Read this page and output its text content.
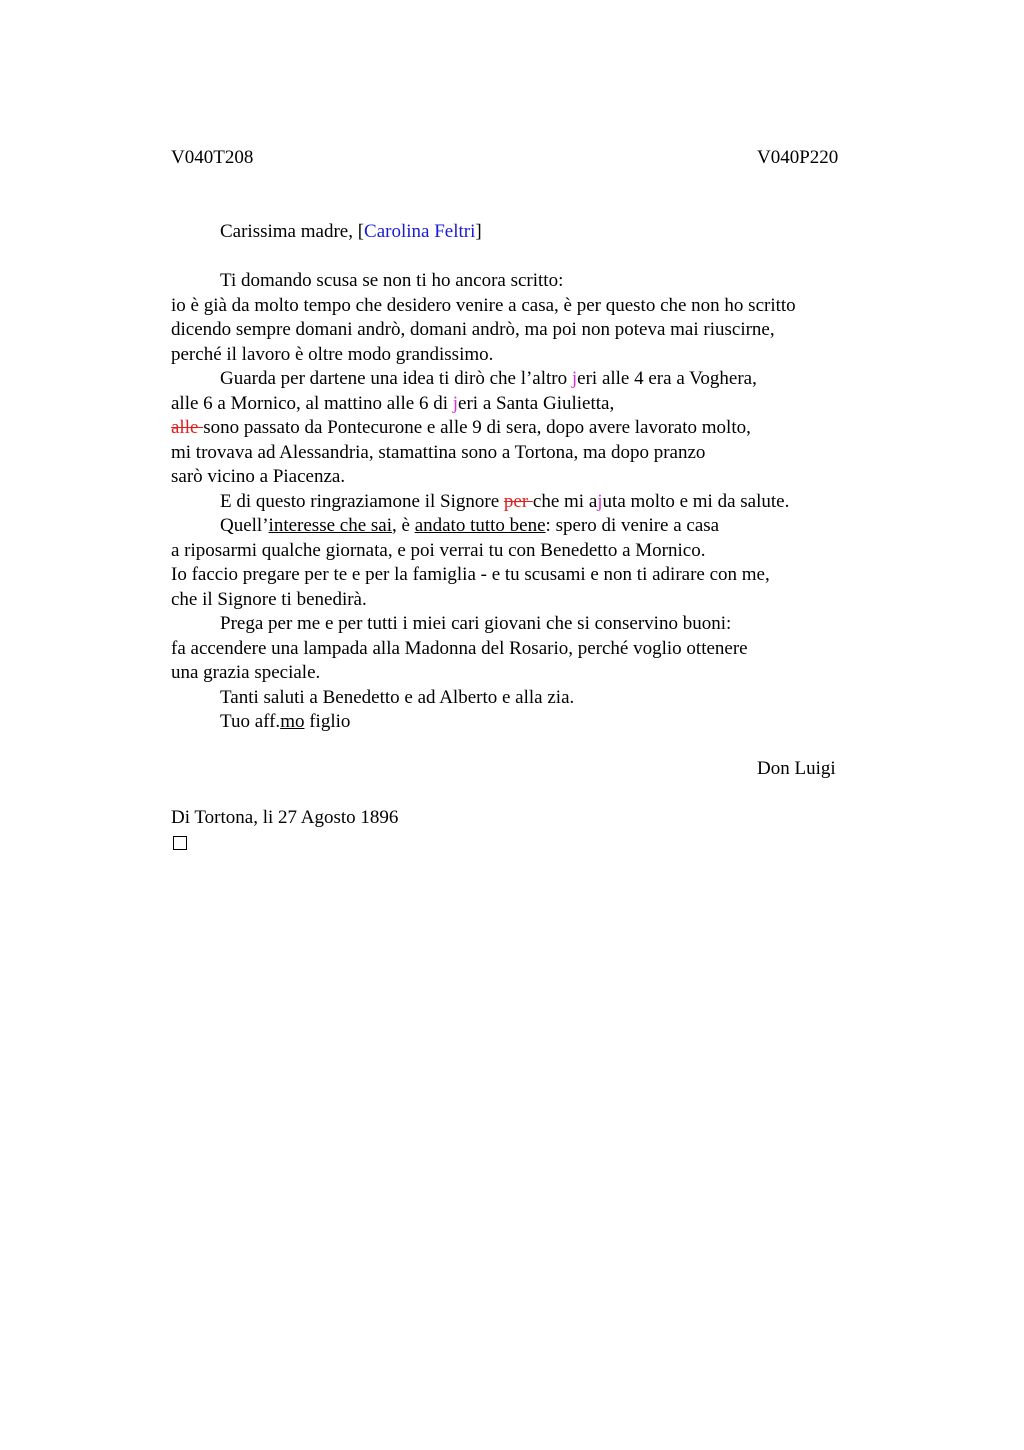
V040T208	V040P220
Carissima madre, [Carolina Feltri]
Ti domando scusa se non ti ho ancora scritto:
io è già da molto tempo che desidero venire a casa, è per questo che non ho scritto
dicendo sempre domani andrò, domani andrò, ma poi non poteva mai riuscirne,
perché il lavoro è oltre modo grandissimo.
Guarda per dartene una idea ti dirò che l’altro jeri alle 4 era a Voghera,
alle 6 a Mornico, al mattino alle 6 di jeri a Santa Giulietta,
alle sono passato da Pontecurone e alle 9 di sera, dopo avere lavorato molto,
mi trovava ad Alessandria, stamattina sono a Tortona, ma dopo pranzo
sarò vicino a Piacenza.
E di questo ringraziamone il Signore per che mi ajuta molto e mi da salute.
Quell’interesse che sai, è andato tutto bene: spero di venire a casa
a riposarmi qualche giornata, e poi verrai tu con Benedetto a Mornico.
Io faccio pregare per te e per la famiglia - e tu scusami e non ti adirare con me,
che il Signore ti benedirà.
Prega per me e per tutti i miei cari giovani che si conservino buoni:
fa accendere una lampada alla Madonna del Rosario, perché voglio ottenere
una grazia speciale.
Tanti saluti a Benedetto e ad Alberto e alla zia.
Tuo aff.mo figlio
Don Luigi
Di Tortona, li 27 Agosto 1896
